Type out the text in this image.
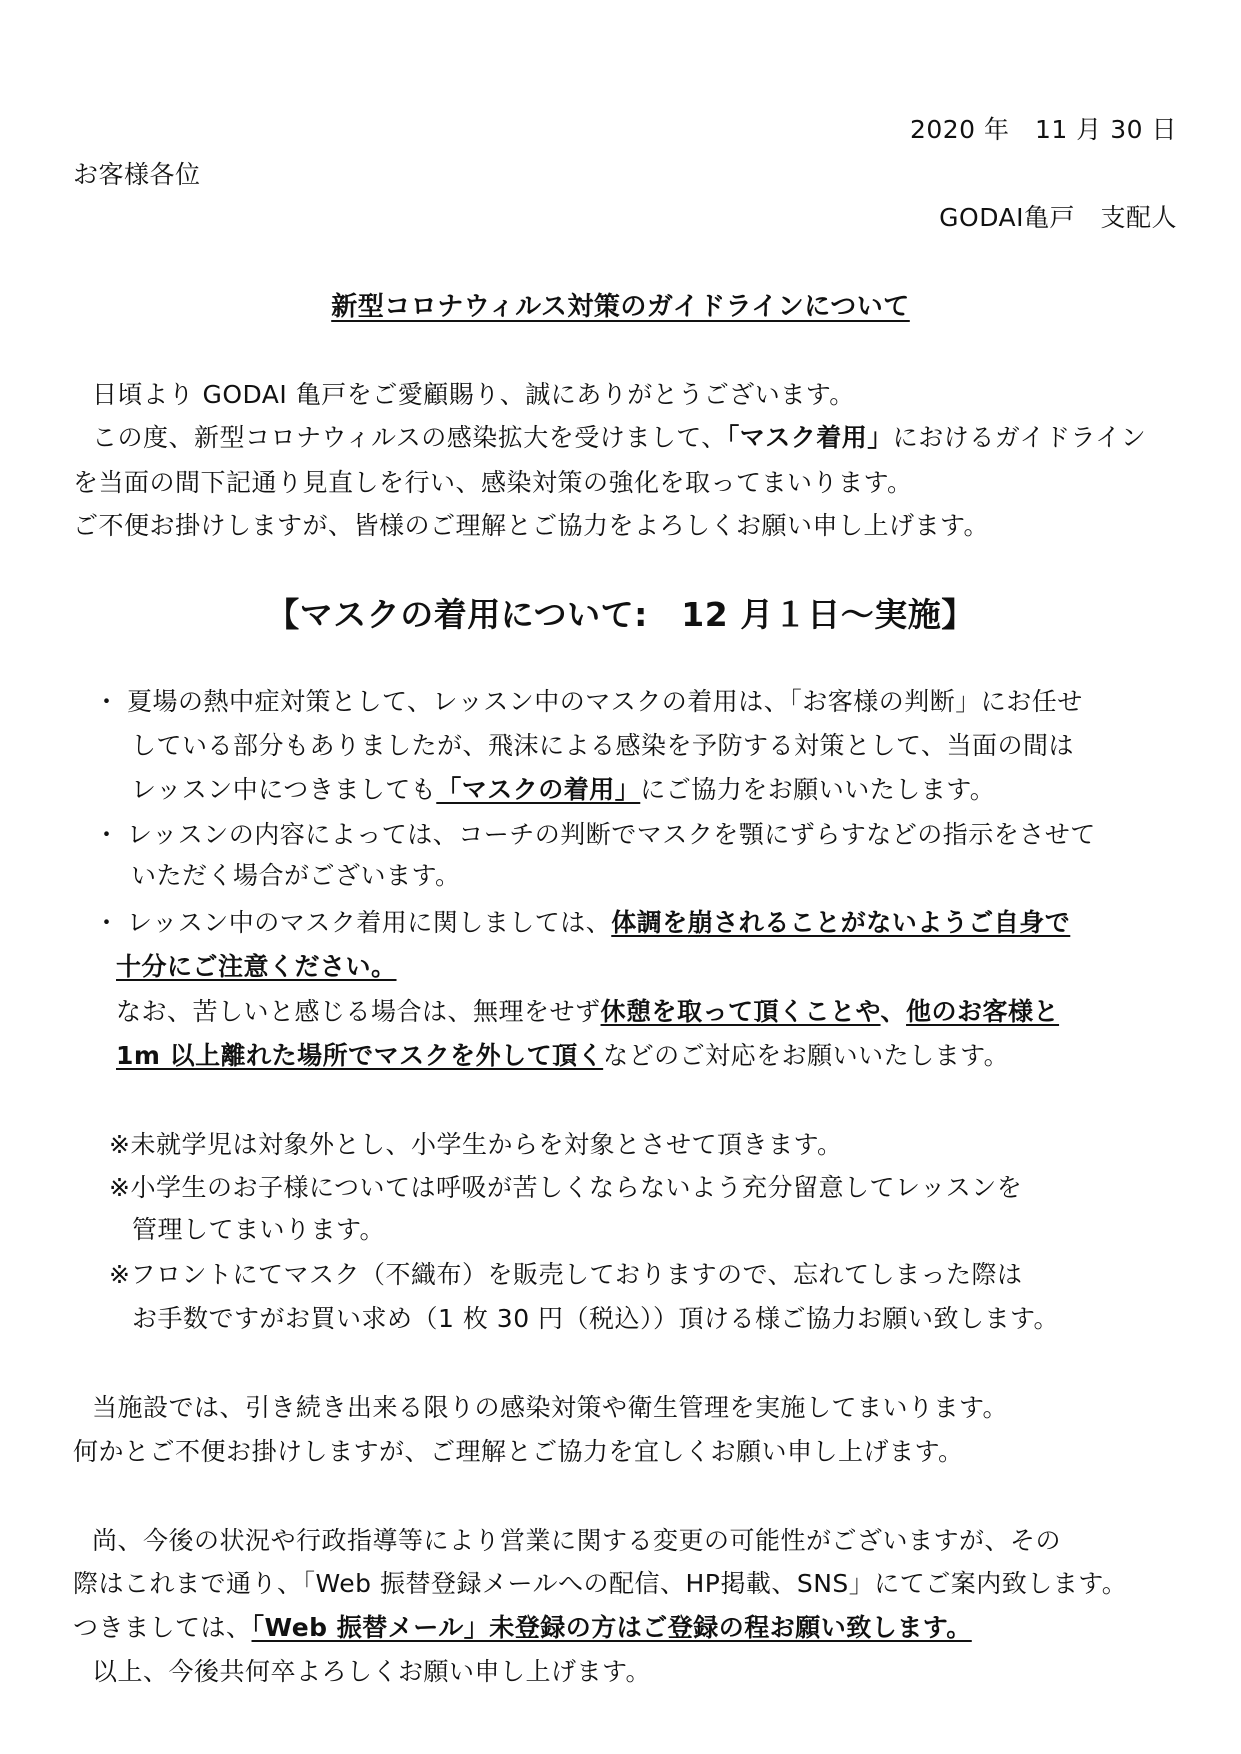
2020 年　11 月 30 日
お客様各位
GODAI亀戸　支配人
新型コロナウィルス対策のガイドラインについて
日頃より GODAI 亀戸をご愛顧賜り、誠にありがとうございます。
この度、新型コロナウィルスの感染拡大を受けまして、「マスク着用」におけるガイドライン
を当面の間下記通り見直しを行い、感染対策の強化を取ってまいります。
ご不便お掛けしますが、皆様のご理解とご協力をよろしくお願い申し上げます。
【マスクの着用について:　12 月１日～実施】
・ 夏場の熱中症対策として、レッスン中のマスクの着用は、「お客様の判断」にお任せ
している部分もありましたが、飛沫による感染を予防する対策として、当面の間は
レッスン中につきましても「マスクの着用」にご協力をお願いいたします。
・ レッスンの内容によっては、コーチの判断でマスクを顎にずらすなどの指示をさせて
いただく場合がございます。
・ レッスン中のマスク着用に関しましては、体調を崩されることがないようご自身で
十分にご注意ください。
なお、苦しいと感じる場合は、無理をせず休憩を取って頂くことや、他のお客様と
1m 以上離れた場所でマスクを外して頂くなどのご対応をお願いいたします。
※未就学児は対象外とし、小学生からを対象とさせて頂きます。
※小学生のお子様については呼吸が苦しくならないよう充分留意してレッスンを
管理してまいります。
※フロントにてマスク（不織布）を販売しておりますので、忘れてしまった際は
お手数ですがお買い求め（1 枚 30 円（税込））頂ける様ご協力お願い致します。
当施設では、引き続き出来る限りの感染対策や衛生管理を実施してまいります。
何かとご不便お掛けしますが、ご理解とご協力を宜しくお願い申し上げます。
尚、今後の状況や行政指導等により営業に関する変更の可能性がございますが、その
際はこれまで通り、「Web 振替登録メールへの配信、HP掲載、SNS」にてご案内致します。
つきましては、「Web 振替メール」未登録の方はご登録の程お願い致します。
以上、今後共何卒よろしくお願い申し上げます。
